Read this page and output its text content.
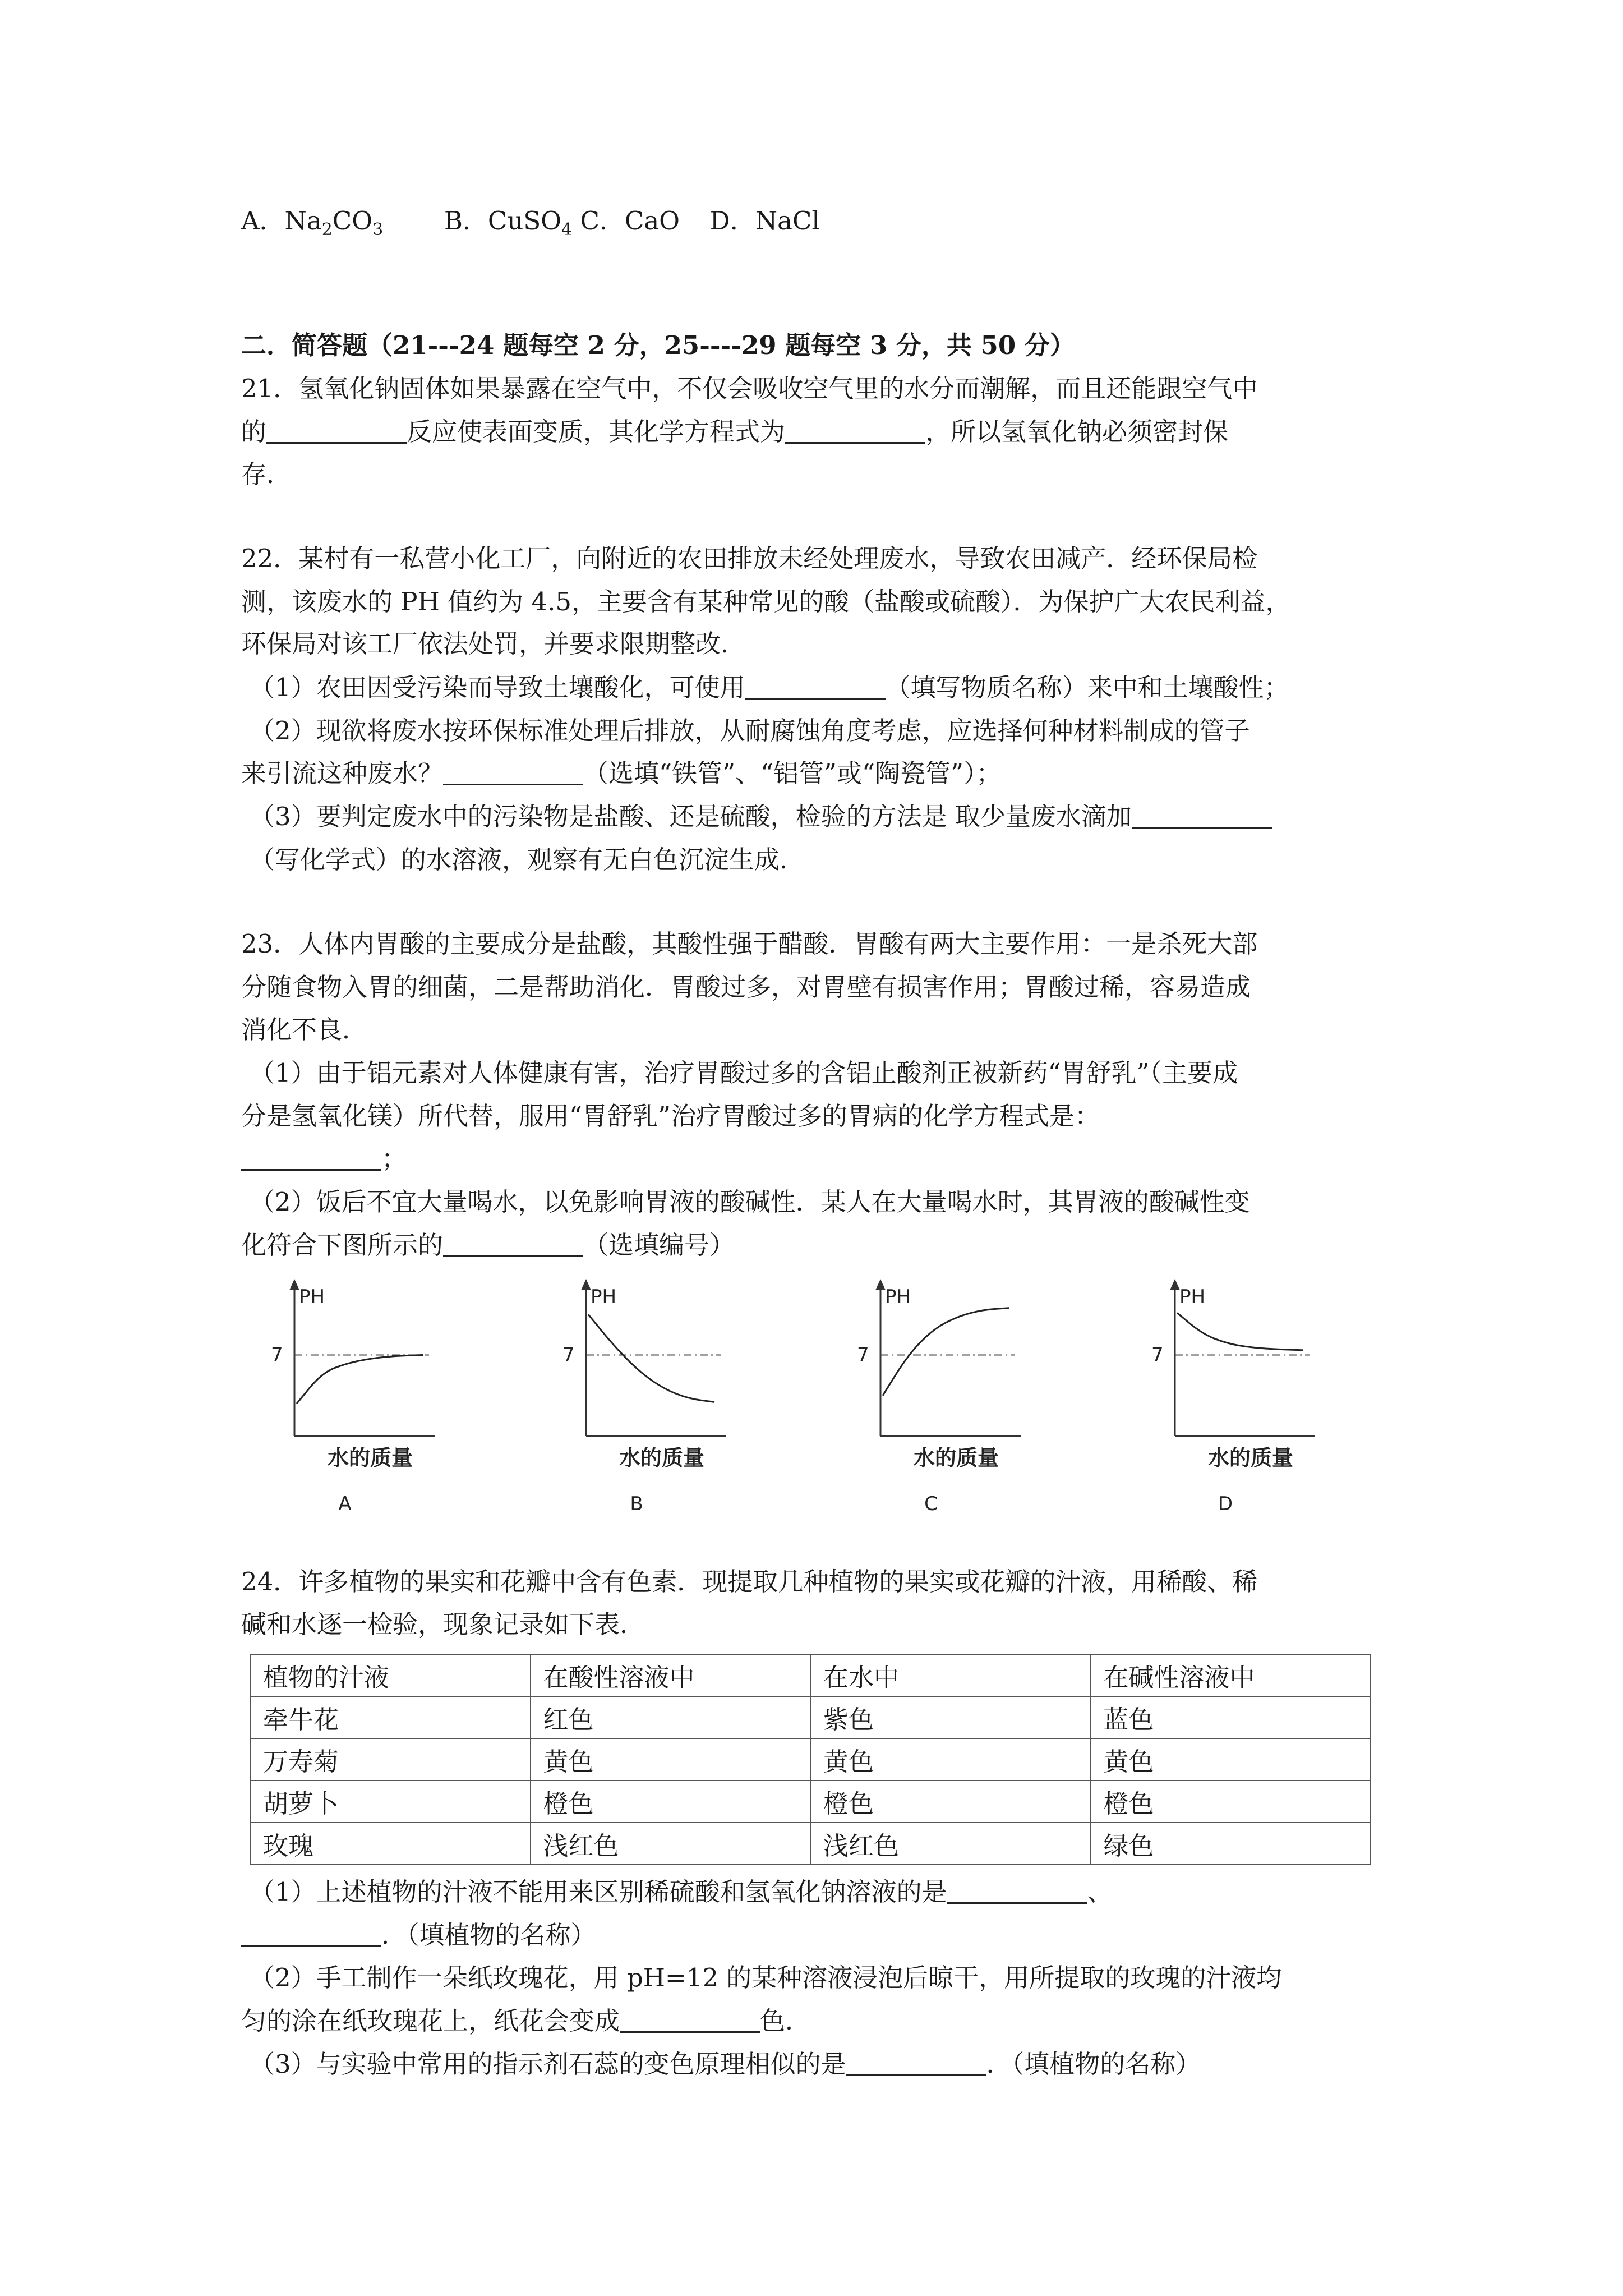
A．$Na_2CO_3$ B．CuSO$_4$ C．CaO D．NaCl
二．简答题（21---24 题每空 2 分，25----29 题每空 3 分，共 50 分）
21．氢氧化钠固体如果暴露在空气中，不仅会吸收空气里的水分而潮解，而且还能跟空气中
的	反应使表面变质，其化学方程式为	，所以氢氧化钠必须密封保
存．
22．某村有一私营小化工厂，向附近的农田排放未经处理废水，导致农田减产．经环保局检
测，该废水的 PH 值约为 4.5，主要含有某种常见的酸（盐酸或硫酸）．为保护广大农民利益，
环保局对该工厂依法处罚，并要求限期整改．
（1）农田因受污染而导致土壤酸化，可使用	（填写物质名称）来中和土壤酸性；
（2）现欲将废水按环保标准处理后排放，从耐腐蚀角度考虑，应选择何种材料制成的管子
来引流这种废水？	（选填“铁管”、“铝管”或“陶瓷管”）；
（3）要判定废水中的污染物是盐酸、还是硫酸，检验的方法是 取少量废水滴加
（写化学式）的水溶液，观察有无白色沉淀生成．
23．人体内胃酸的主要成分是盐酸，其酸性强于醋酸．胃酸有两大主要作用：一是杀死大部
分随食物入胃的细菌，二是帮助消化．胃酸过多，对胃壁有损害作用；胃酸过稀，容易造成
消化不良．
（1）由于铝元素对人体健康有害，治疗胃酸过多的含铝止酸剂正被新药“胃舒乳”（主要成
分是氢氧化镁）所代替，服用“胃舒乳”治疗胃酸过多的胃病的化学方程式是：
；
（2）饭后不宜大量喝水，以免影响胃液的酸碱性．某人在大量喝水时，其胃液的酸碱性变
化符合下图所示的	（选填编号）
PH
7
水的质量
A
PH
7
水的质量
B
PH
7
水的质量
C
PH
7
水的质量
D
24．许多植物的果实和花瓣中含有色素．现提取几种植物的果实或花瓣的汁液，用稀酸、稀
碱和水逐一检验，现象记录如下表．
植物的汁液	在酸性溶液中	在水中	在碱性溶液中
牵牛花	红色	紫色	蓝色
万寿菊	黄色	黄色	黄色
胡萝卜	橙色	橙色	橙色
玫瑰	浅红色	浅红色	绿色
（1）上述植物的汁液不能用来区别稀硫酸和氢氧化钠溶液的是	、
．（填植物的名称）
（2）手工制作一朵纸玫瑰花，用 pH=12 的某种溶液浸泡后晾干，用所提取的玫瑰的汁液均
匀的涂在纸玫瑰花上，纸花会变成	色．
（3）与实验中常用的指示剂石蕊的变色原理相似的是	．（填植物的名称）
